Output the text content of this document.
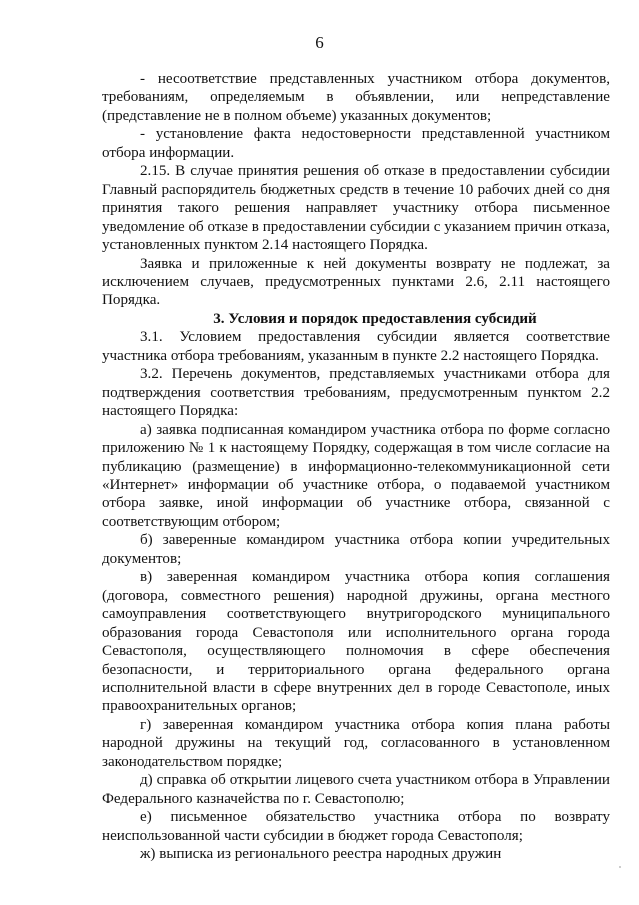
6

- несоответствие представленных участником отбора документов, требованиям, определяемым в объявлении, или непредставление (представление не в полном объеме) указанных документов;

- установление факта недостоверности представленной участником отбора информации.

2.15. В случае принятия решения об отказе в предоставлении субсидии Главный распорядитель бюджетных средств в течение 10 рабочих дней со дня принятия такого решения направляет участнику отбора письменное уведомление об отказе в предоставлении субсидии с указанием причин отказа, установленных пунктом 2.14 настоящего Порядка.

Заявка и приложенные к ней документы возврату не подлежат, за исключением случаев, предусмотренных пунктами 2.6, 2.11 настоящего Порядка.

3. Условия и порядок предоставления субсидий

3.1. Условием предоставления субсидии является соответствие участника отбора требованиям, указанным в пункте 2.2 настоящего Порядка.

3.2. Перечень документов, представляемых участниками отбора для подтверждения соответствия требованиям, предусмотренным пунктом 2.2 настоящего Порядка:

а) заявка подписанная командиром участника отбора по форме согласно приложению № 1 к настоящему Порядку, содержащая в том числе согласие на публикацию (размещение) в информационно-телекоммуникационной сети «Интернет» информации об участнике отбора, о подаваемой участником отбора заявке, иной информации об участнике отбора, связанной с соответствующим отбором;

б) заверенные командиром участника отбора копии учредительных документов;

в) заверенная командиром участника отбора копия соглашения (договора, совместного решения) народной дружины, органа местного самоуправления соответствующего внутригородского муниципального образования города Севастополя или исполнительного органа города Севастополя, осуществляющего полномочия в сфере обеспечения безопасности, и территориального органа федерального органа исполнительной власти в сфере внутренних дел в городе Севастополе, иных правоохранительных органов;

г) заверенная командиром участника отбора копия плана работы народной дружины на текущий год, согласованного в установленном законодательством порядке;

д) справка об открытии лицевого счета участником отбора в Управлении Федерального казначейства по г. Севастополю;

е) письменное обязательство участника отбора по возврату неиспользованной части субсидии в бюджет города Севастополя;

ж) выписка из регионального реестра народных дружин
